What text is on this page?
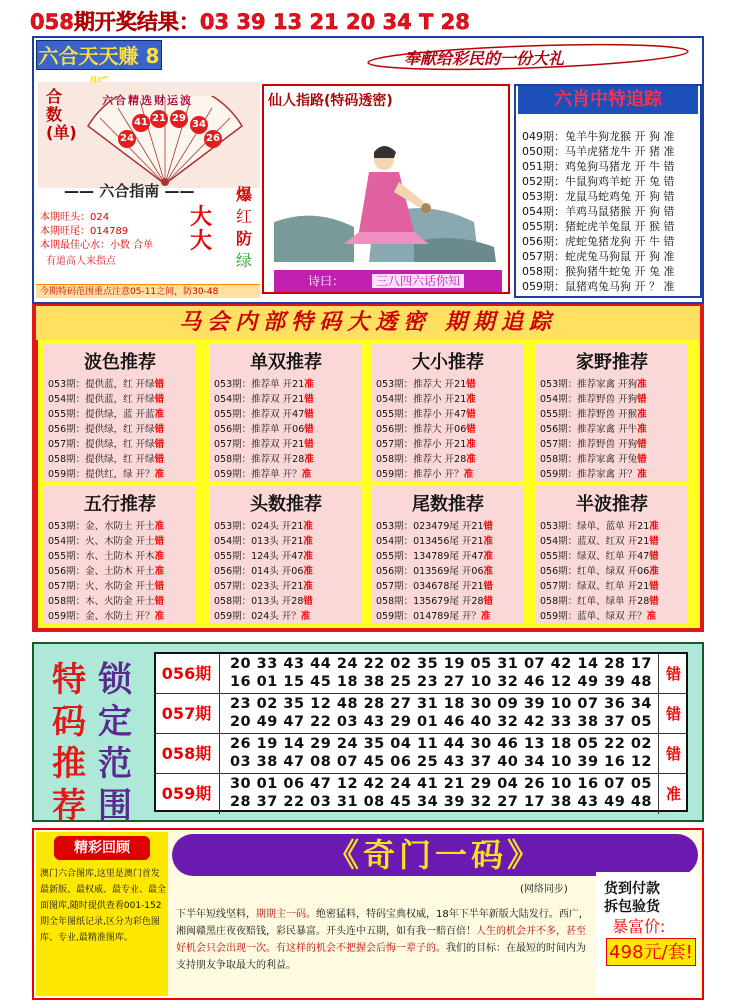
058期开奖结果：03 39 13 21 20 34 T 28
六合天天赚 8	奉献给彩民的一份大礼
合数(单)
六合精选财运波
24
41 21 29
34
26
—— 六合指南 ——
本期旺头：024
本期旺尾：014789
本期最佳心水：小数 合单
有道高人来指点
大
大
爆
红
防
绿
今期特码范围重点注意05-11之间，防30-48
仙人指路(特码透密)
诗曰：	三八四六话你知
六肖中特追踪
049期：兔羊牛狗龙猴 开 狗 准
050期：马羊虎猪龙牛 开 猪 准
051期：鸡兔狗马猪龙 开 牛 错
052期：牛鼠狗鸡羊蛇 开 兔 错
053期：龙鼠马蛇鸡兔 开 狗 错
054期：羊鸡马鼠猪猴 开 狗 错
055期：猪蛇虎羊兔鼠 开 猴 错
056期：虎蛇兔猪龙狗 开 牛 错
057期：蛇虎兔马狗鼠 开 狗 准
058期：猴狗猪牛蛇兔 开 兔 准
059期：鼠猪鸡兔马狗 开 ？ 准
马会内部特码大透密 期期追踪
波色推荐
053期：提供蓝，红 开绿错
054期：提供蓝，红 开绿错
055期：提供绿，蓝 开蓝准
056期：提供绿，红 开绿错
057期：提供绿，红 开绿错
058期：提供绿，红 开绿错
059期：提供红，绿 开？准
单双推荐
053期：推荐单 开21准
054期：推荐双 开21错
055期：推荐双 开47错
056期：推荐单 开06错
057期：推荐双 开21错
058期：推荐双 开28准
059期：推荐单 开？准
大小推荐
053期：推荐大 开21错
054期：推荐小 开21准
055期：推荐小 开47错
056期：推荐大 开06错
057期：推荐小 开21准
058期：推荐大 开28准
059期：推荐小 开？准
家野推荐
053期：推荐家禽 开狗准
054期：推荐野兽 开狗错
055期：推荐野兽 开猴准
056期：推荐家禽 开牛准
057期：推荐野兽 开狗错
058期：推荐家禽 开兔错
059期：推荐家禽 开？准
五行推荐
053期：金、水防土 开土准
054期：火、木防金 开土错
055期：水、土防木 开木准
056期：金、土防木 开土准
057期：火、水防金 开土错
058期：木、火防金 开土错
059期：金、水防土 开？准
头数推荐
053期：024头 开21准
054期：013头 开21准
055期：124头 开47准
056期：014头 开06准
057期：023头 开21准
058期：013头 开28错
059期：024头 开？准
尾数推荐
053期：023479尾 开21错
054期：013456尾 开21准
055期：134789尾 开47准
056期：013569尾 开06准
057期：034678尾 开21错
058期：135679尾 开28错
059期：014789尾 开？准
半波推荐
053期：绿单、蓝单 开21准
054期：蓝双、红双 开21错
055期：绿双、红单 开47错
056期：红单、绿双 开06准
057期：绿双、红单 开21错
058期：红单、绿单 开28错
059期：蓝单、绿双 开？准
特 锁
码 定
推 范
荐 围
056期	20 33 43 44 24 22 02 35 19 05 31 07 42 14 28 17
16 01 15 45 18 38 25 23 27 10 32 46 12 49 39 48 错
057期	23 02 35 12 48 28 27 31 18 30 09 39 10 07 36 34
20 49 47 22 03 43 29 01 46 40 32 42 33 38 37 05 错
058期	26 19 14 29 24 35 04 11 44 30 46 13 18 05 22 02
03 38 47 08 07 45 06 25 43 37 40 34 10 39 16 12 错
059期	30 01 06 47 12 42 24 41 21 29 04 26 10 16 07 05
28 37 22 03 31 08 45 34 39 32 27 17 38 43 49 48 准
精彩回顾
澳门六合图库,这里是澳门首发最新版、最权威、最专业、最全面图库,随时提供查看001-152期全年图纸记录,区分为彩色图库、专业,最精准图库。
《奇门一码》
(网络同步)	货到付款
拆包验货
暴富价:
498元/套!
下半年短线坚料，期期主一码。绝密猛料，特码宝典权威，18年下半年新版大陆发行。西广，湘闽赣黑庄夜夜赔钱，彩民暴富。开头连中五期，如有我一赔百倍！人生的机会并不多，甚至好机会只会出现一次。有这样的机会不把握会后悔一辈子的。我们的目标：在最短的时间内为支持朋友争取最大的利益。
